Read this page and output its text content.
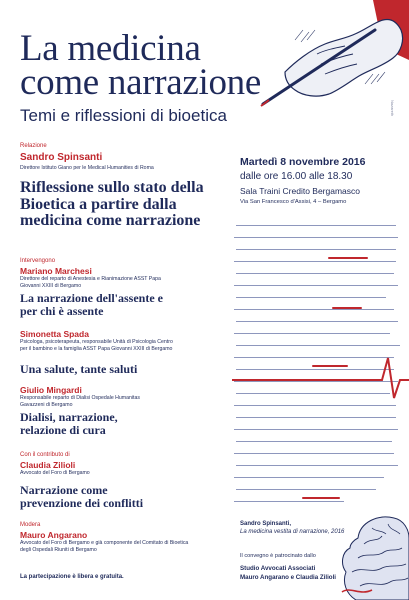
Nazareth
La medicina
come narrazione
Temi e riflessioni di bioetica
Relazione
Sandro Spinsanti
Direttore Istituto Giano per le Medical Humanities di Roma
Riflessione sullo stato della Bioetica a partire dalla medicina come narrazione
Intervengono
Mariano Marchesi
Direttore del reparto di Anestesia e Rianimazione ASST Papa Giovanni XXIII di Bergamo
La narrazione dell'assente e per chi è assente
Simonetta Spada
Psicologa, psicoterapeuta, responsabile Unità di Psicologia Centro per il bambino e la famiglia ASST Papa Giovanni XXIII di Bergamo
Una salute, tante saluti
Giulio Mingardi
Responsabile reparto di Dialisi Ospedale Humanitas Gavazzeni di Bergamo
Dialisi, narrazione, relazione di cura
Con il contributo di
Claudia Zilioli
Avvocato del Foro di Bergamo
Narrazione come prevenzione dei conflitti
Modera
Mauro Angarano
Avvocato del Foro di Bergamo e già componente del Comitato di Bioetica degli Ospedali Riuniti di Bergamo
La partecipazione è libera e gratuita.
Martedì 8 novembre 2016
dalle ore 16.00 alle 18.30
Sala Traini Credito Bergamasco
Via San Francesco d'Assisi, 4 – Bergamo
Sandro Spinsanti,
La medicina vestita di narrazione, 2016
Il convegno è patrocinato dallo
Studio Avvocati Associati
Mauro Angarano e Claudia Zilioli
